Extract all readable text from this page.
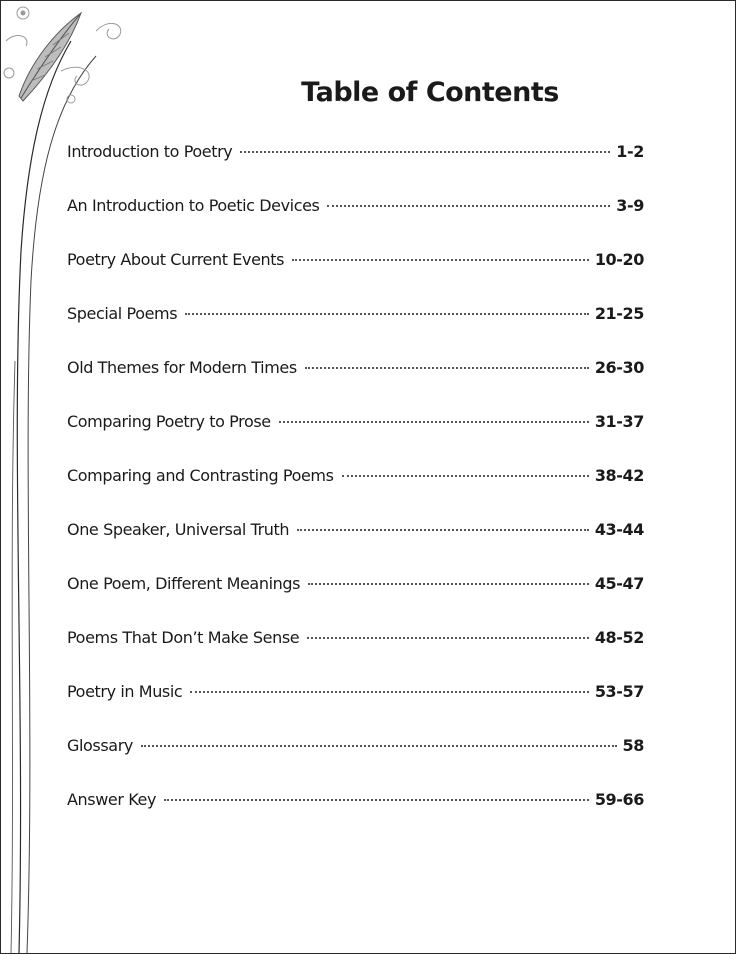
Table of Contents
Introduction to Poetry	1-2
An Introduction to Poetic Devices	3-9
Poetry About Current Events	10-20
Special Poems	21-25
Old Themes for Modern Times	26-30
Comparing Poetry to Prose	31-37
Comparing and Contrasting Poems	38-42
One Speaker, Universal Truth	43-44
One Poem, Different Meanings	45-47
Poems That Don’t Make Sense	48-52
Poetry in Music	53-57
Glossary	58
Answer Key	59-66
